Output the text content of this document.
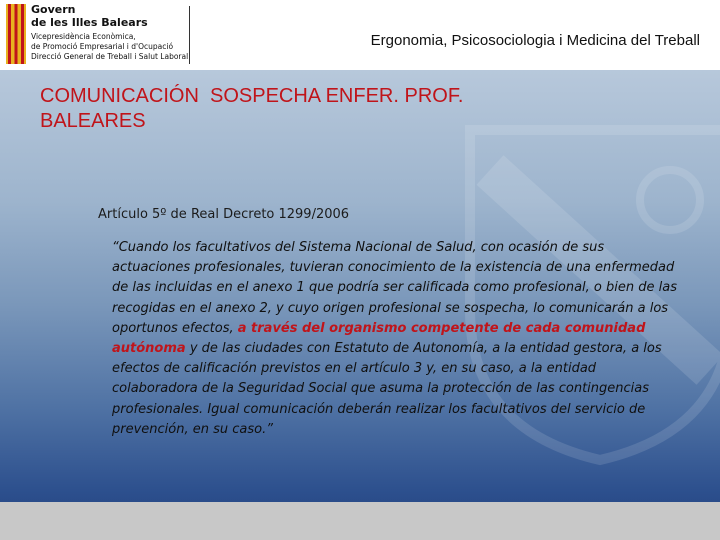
Govern
de les Illes Balears
Vicepresidència Econòmica,
de Promoció Empresarial i d'Ocupació
Direcció General de Treball i Salut Laboral
Ergonomia, Psicosociologia i Medicina del Treball
COMUNICACIÓN  SOSPECHA ENFER. PROF.
BALEARES
Artículo 5º de Real Decreto 1299/2006
“Cuando los facultativos del Sistema Nacional de Salud, con ocasión de sus actuaciones profesionales, tuvieran conocimiento de la existencia de una enfermedad de las incluidas en el anexo 1 que podría ser calificada como profesional, o bien de las recogidas en el anexo 2, y cuyo origen profesional se sospecha, lo comunicarán a los oportunos efectos, a través del organismo competente de cada comunidad autónoma y de las ciudades con Estatuto de Autonomía, a la entidad gestora, a los efectos de calificación previstos en el artículo 3 y, en su caso, a la entidad colaboradora de la Seguridad Social que asuma la protección de las contingencias profesionales. Igual comunicación deberán realizar los facultativos del servicio de prevención, en su caso.”
